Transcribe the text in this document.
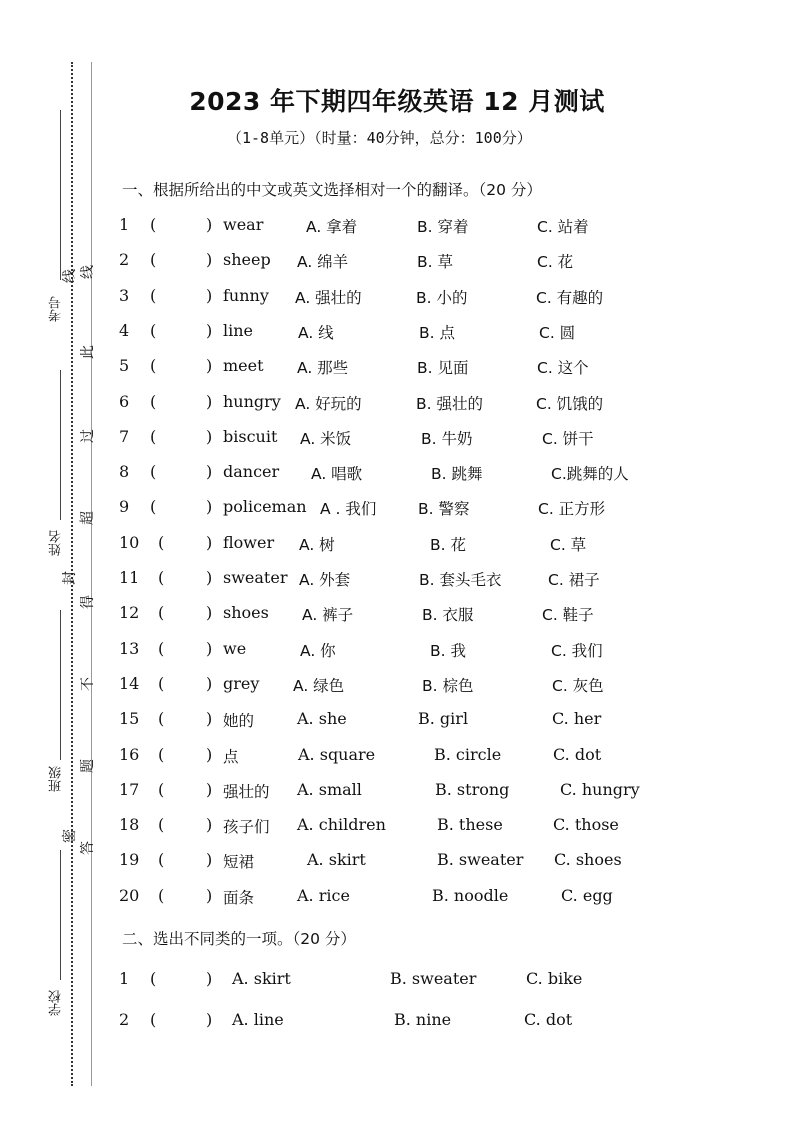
考号
姓名
班级
学校
线
封
密
线
此
过
超
得
不
题
答
2023 年下期四年级英语 12 月测试
（1-8单元）（时量：40分钟，总分：100分）
一、根据所给出的中文或英文选择相对一个的翻译。（20 分）
1 (	) wear	A. 拿着	B. 穿着	C. 站着
2 (	) sheep A. 绵羊	B. 草	C. 花
3 (	) funny A. 强壮的	B. 小的	C. 有趣的
4 (	) line	A. 线	B. 点	C. 圆
5 (	) meet A. 那些	B. 见面	C. 这个
6 (	) hungry A. 好玩的	B. 强壮的	C. 饥饿的
7 (	) biscuit A. 米饭	B. 牛奶	C. 饼干
8 (	) dancer A. 唱歌	B. 跳舞	C.跳舞的人
9 (	) policeman A . 我们	B. 警察	C. 正方形
10 (	) flower A. 树	B. 花	C. 草
11 (	) sweater A. 外套	B. 套头毛衣	C. 裙子
12 (	) shoes A. 裤子	B. 衣服	C. 鞋子
13 (	) we	A. 你	B. 我	C. 我们
14 (	) grey A. 绿色	B. 棕色	C. 灰色
15 (	) 她的	A. she	B. girl	C. her
16 (	) 点	A. square	B. circle	C. dot
17 (	) 强壮的 A. small	B. strong	C. hungry
18 (	) 孩子们 A. children	B. these	C. those
19 (	) 短裙	A. skirt	B. sweater C. shoes
20 (	) 面条	A. rice	B. noodle	C. egg
二、选出不同类的一项。（20 分）
1 (	) A. skirt	B. sweater	C. bike
2 (	) A. line	B. nine	C. dot
